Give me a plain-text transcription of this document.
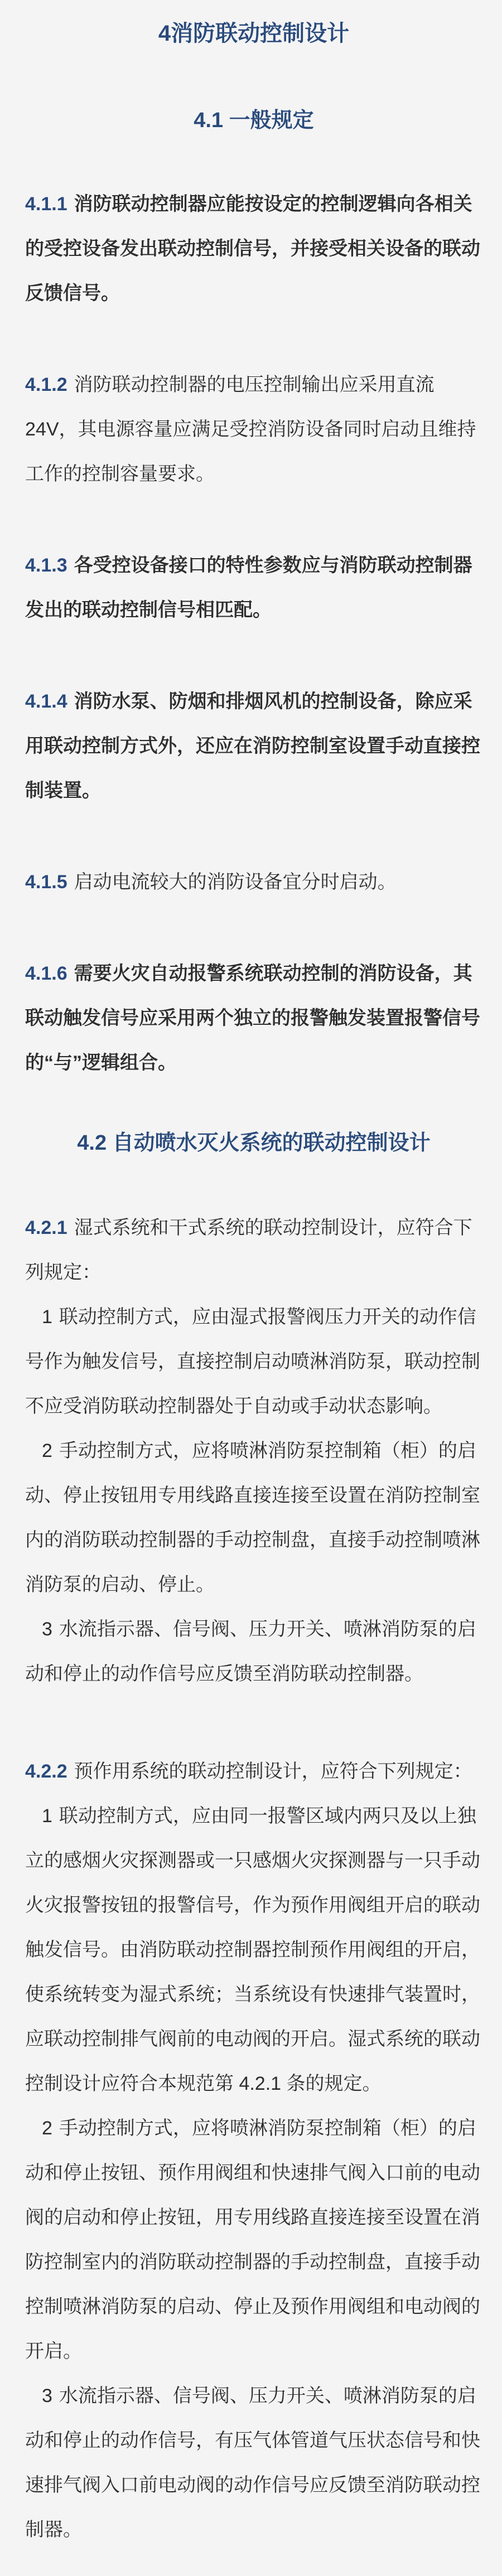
4消防联动控制设计
4.1 一般规定

4.1.1 消防联动控制器应能按设定的控制逻辑向各相关的受控设备发出联动控制信号，并接受相关设备的联动反馈信号。

4.1.2 消防联动控制器的电压控制输出应采用直流24V，其电源容量应满足受控消防设备同时启动且维持工作的控制容量要求。

4.1.3 各受控设备接口的特性参数应与消防联动控制器发出的联动控制信号相匹配。

4.1.4 消防水泵、防烟和排烟风机的控制设备，除应采用联动控制方式外，还应在消防控制室设置手动直接控制装置。

4.1.5 启动电流较大的消防设备宜分时启动。

4.1.6 需要火灾自动报警系统联动控制的消防设备，其联动触发信号应采用两个独立的报警触发装置报警信号的“与”逻辑组合。

4.2 自动喷水灭火系统的联动控制设计

4.2.1 湿式系统和干式系统的联动控制设计，应符合下列规定：

1 联动控制方式，应由湿式报警阀压力开关的动作信号作为触发信号，直接控制启动喷淋消防泵，联动控制不应受消防联动控制器处于自动或手动状态影响。

2 手动控制方式，应将喷淋消防泵控制箱（柜）的启动、停止按钮用专用线路直接连接至设置在消防控制室内的消防联动控制器的手动控制盘，直接手动控制喷淋消防泵的启动、停止。

3 水流指示器、信号阀、压力开关、喷淋消防泵的启动和停止的动作信号应反馈至消防联动控制器。

4.2.2 预作用系统的联动控制设计，应符合下列规定：

1 联动控制方式，应由同一报警区域内两只及以上独立的感烟火灾探测器或一只感烟火灾探测器与一只手动火灾报警按钮的报警信号，作为预作用阀组开启的联动触发信号。由消防联动控制器控制预作用阀组的开启，使系统转变为湿式系统；当系统设有快速排气装置时，应联动控制排气阀前的电动阀的开启。湿式系统的联动控制设计应符合本规范第 4.2.1 条的规定。

2 手动控制方式，应将喷淋消防泵控制箱（柜）的启动和停止按钮、预作用阀组和快速排气阀入口前的电动阀的启动和停止按钮，用专用线路直接连接至设置在消防控制室内的消防联动控制器的手动控制盘，直接手动控制喷淋消防泵的启动、停止及预作用阀组和电动阀的开启。

3 水流指示器、信号阀、压力开关、喷淋消防泵的启动和停止的动作信号，有压气体管道气压状态信号和快速排气阀入口前电动阀的动作信号应反馈至消防联动控制器。
